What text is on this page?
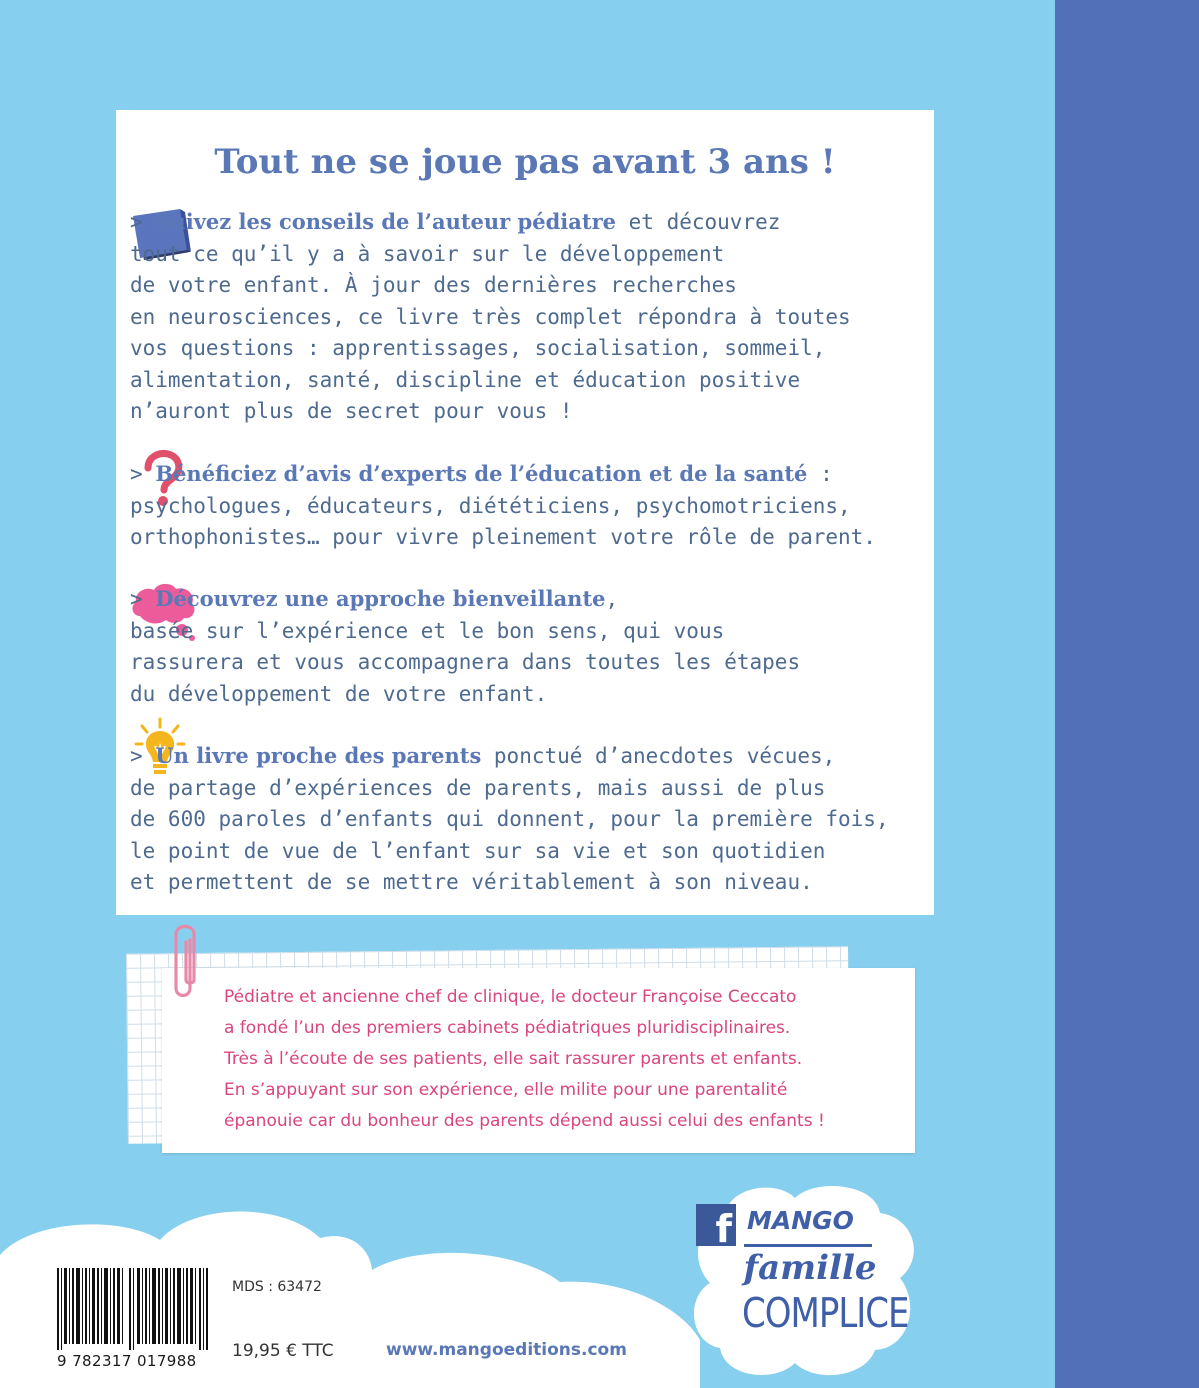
Tout ne se joue pas avant 3 ans !

> Suivez les conseils de l’auteur pédiatre et découvrez
tout ce qu’il y a à savoir sur le développement
de votre enfant. À jour des dernières recherches
en neurosciences, ce livre très complet répondra à toutes
vos questions : apprentissages, socialisation, sommeil,
alimentation, santé, discipline et éducation positive
n’auront plus de secret pour vous !

> Bénéficiez d’avis d’experts de l’éducation et de la santé :
psychologues, éducateurs, diététiciens, psychomotriciens,
orthophonistes… pour vivre pleinement votre rôle de parent.

> Découvrez une approche bienveillante,
basée sur l’expérience et le bon sens, qui vous
rassurera et vous accompagnera dans toutes les étapes
du développement de votre enfant.

> Un livre proche des parents ponctué d’anecdotes vécues,
de partage d’expériences de parents, mais aussi de plus
de 600 paroles d’enfants qui donnent, pour la première fois,
le point de vue de l’enfant sur sa vie et son quotidien
et permettent de se mettre véritablement à son niveau.

Pédiatre et ancienne chef de clinique, le docteur Françoise Ceccato
a fondé l’un des premiers cabinets pédiatriques pluridisciplinaires.
Très à l’écoute de ses patients, elle sait rassurer parents et enfants.
En s’appuyant sur son expérience, elle milite pour une parentalité
épanouie car du bonheur des parents dépend aussi celui des enfants !

9 782317 017988
MDS : 63472
19,95 € TTC	www.mangoeditions.com
f MANGO
famille
COMPLICE
